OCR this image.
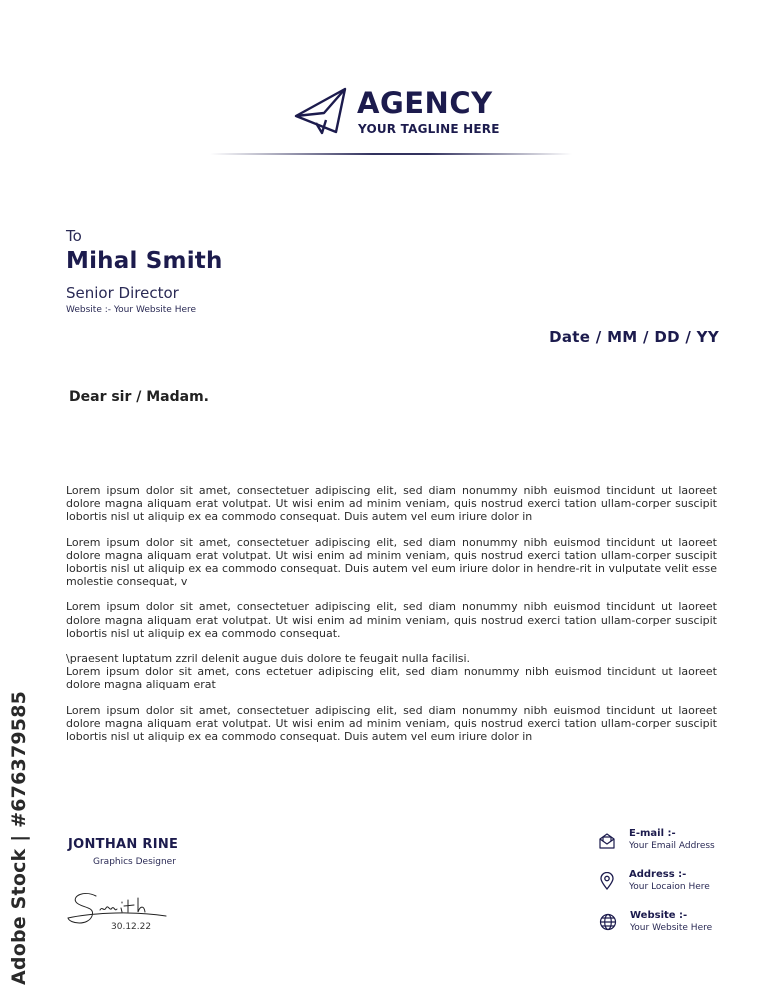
AGENCY
YOUR TAGLINE HERE
To
Mihal Smith
Senior Director
Website :- Your Website Here
Date / MM / DD / YY
Dear sir / Madam.

Lorem ipsum dolor sit amet, consectetuer adipiscing elit, sed diam nonummy nibh euismod tincidunt ut laoreet dolore magna aliquam erat volutpat. Ut wisi enim ad minim veniam, quis nostrud exerci tation ullam-corper suscipit lobortis nisl ut aliquip ex ea commodo consequat. Duis autem vel eum iriure dolor in

Lorem ipsum dolor sit amet, consectetuer adipiscing elit, sed diam nonummy nibh euismod tincidunt ut laoreet dolore magna aliquam erat volutpat. Ut wisi enim ad minim veniam, quis nostrud exerci tation ullam-corper suscipit lobortis nisl ut aliquip ex ea commodo consequat. Duis autem vel eum iriure dolor in hendre-rit in vulputate velit esse molestie consequat, v

Lorem ipsum dolor sit amet, consectetuer adipiscing elit, sed diam nonummy nibh euismod tincidunt ut laoreet dolore magna aliquam erat volutpat. Ut wisi enim ad minim veniam, quis nostrud exerci tation ullam-corper suscipit lobortis nisl ut aliquip ex ea commodo consequat.

\praesent luptatum zzril delenit augue duis dolore te feugait nulla facilisi.

Lorem ipsum dolor sit amet, cons ectetuer adipiscing elit, sed diam nonummy nibh euismod tincidunt ut laoreet dolore magna aliquam erat

Lorem ipsum dolor sit amet, consectetuer adipiscing elit, sed diam nonummy nibh euismod tincidunt ut laoreet dolore magna aliquam erat volutpat. Ut wisi enim ad minim veniam, quis nostrud exerci tation ullam-corper suscipit lobortis nisl ut aliquip ex ea commodo consequat. Duis autem vel eum iriure dolor in

JONTHAN RINE
Graphics Designer
30.12.22
E-mail :-
Your Email Address
Address :-
Your Locaion Here
Website :-
Your Website Here
Adobe Stock | #676379585
